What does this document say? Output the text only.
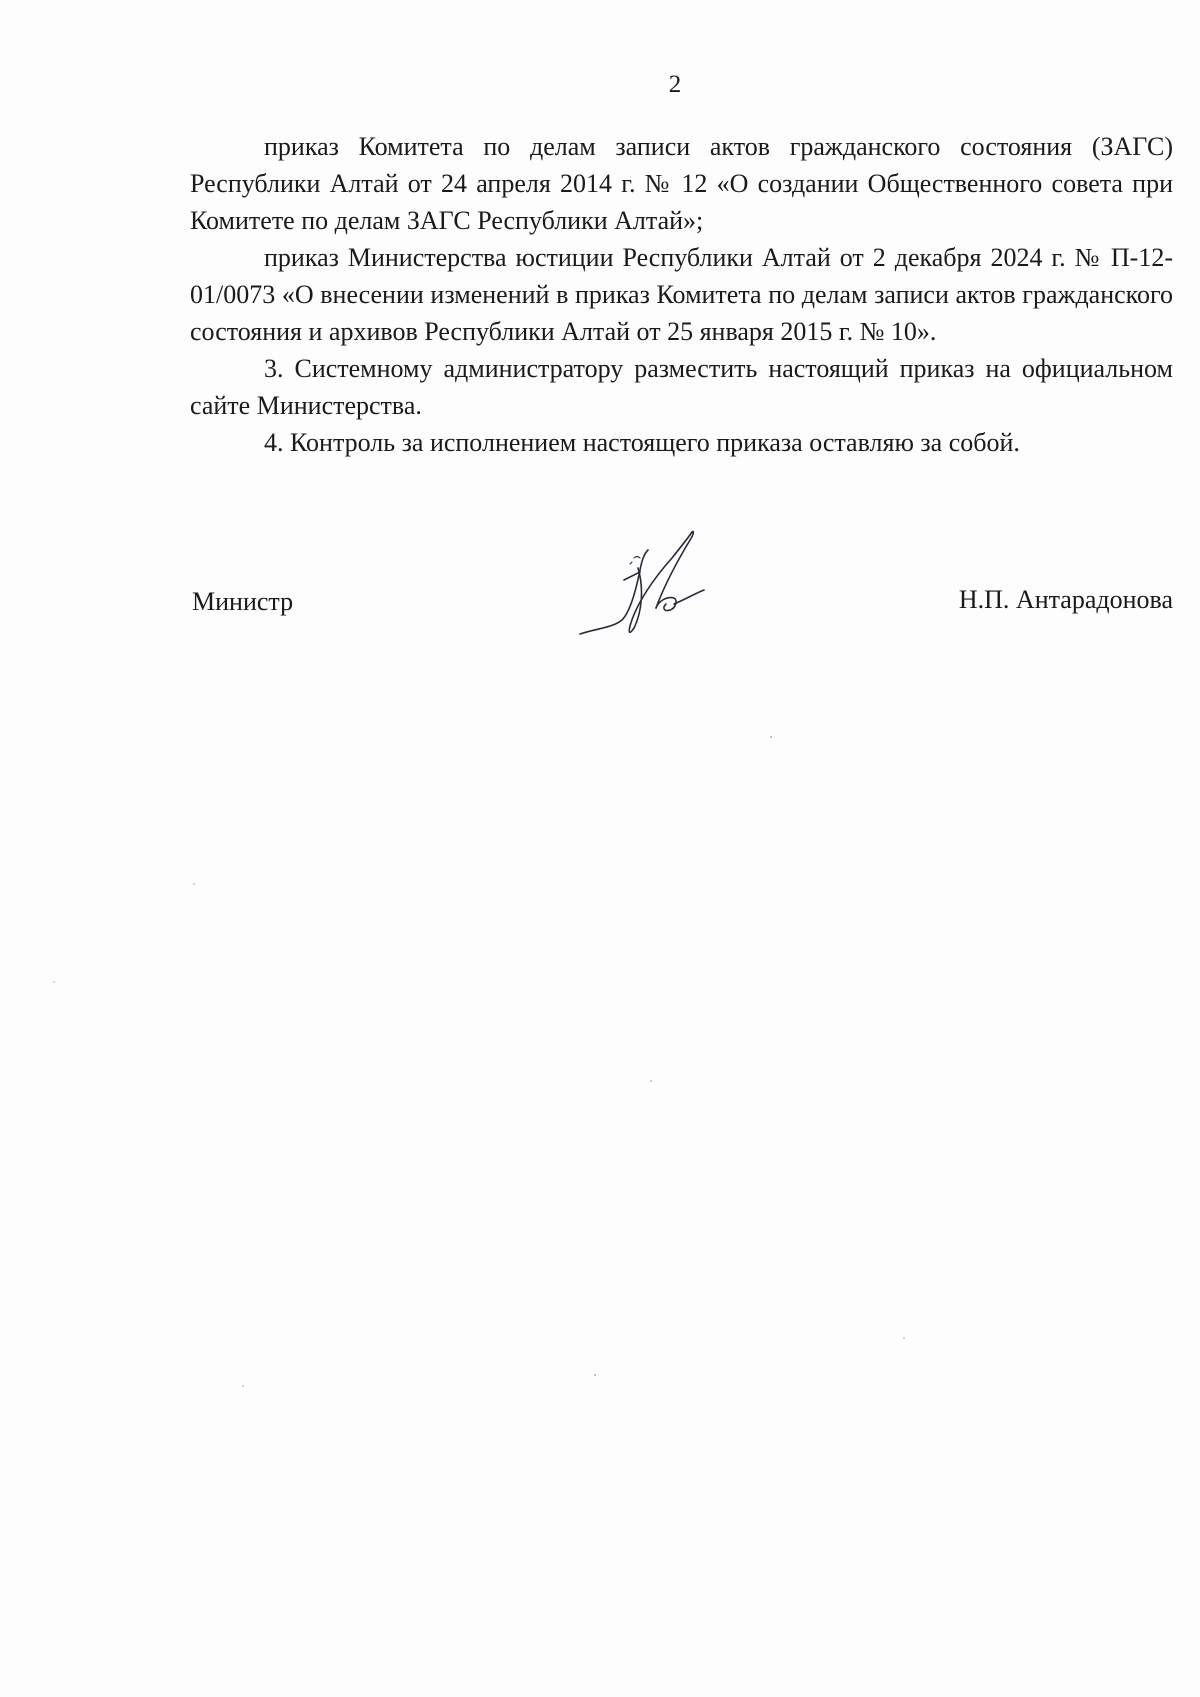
2

приказ Комитета по делам записи актов гражданского состояния (ЗАГС) Республики Алтай от 24 апреля 2014 г. № 12 «О создании Общественного совета при Комитете по делам ЗАГС Республики Алтай»;

приказ Министерства юстиции Республики Алтай от 2 декабря 2024 г. № П-12-01/0073 «О внесении изменений в приказ Комитета по делам записи актов гражданского состояния и архивов Республики Алтай от 25 января 2015 г. № 10».

3. Системному администратору разместить настоящий приказ на официальном сайте Министерства.

4. Контроль за исполнением настоящего приказа оставляю за собой.

Министр	Н.П. Антарадонова
